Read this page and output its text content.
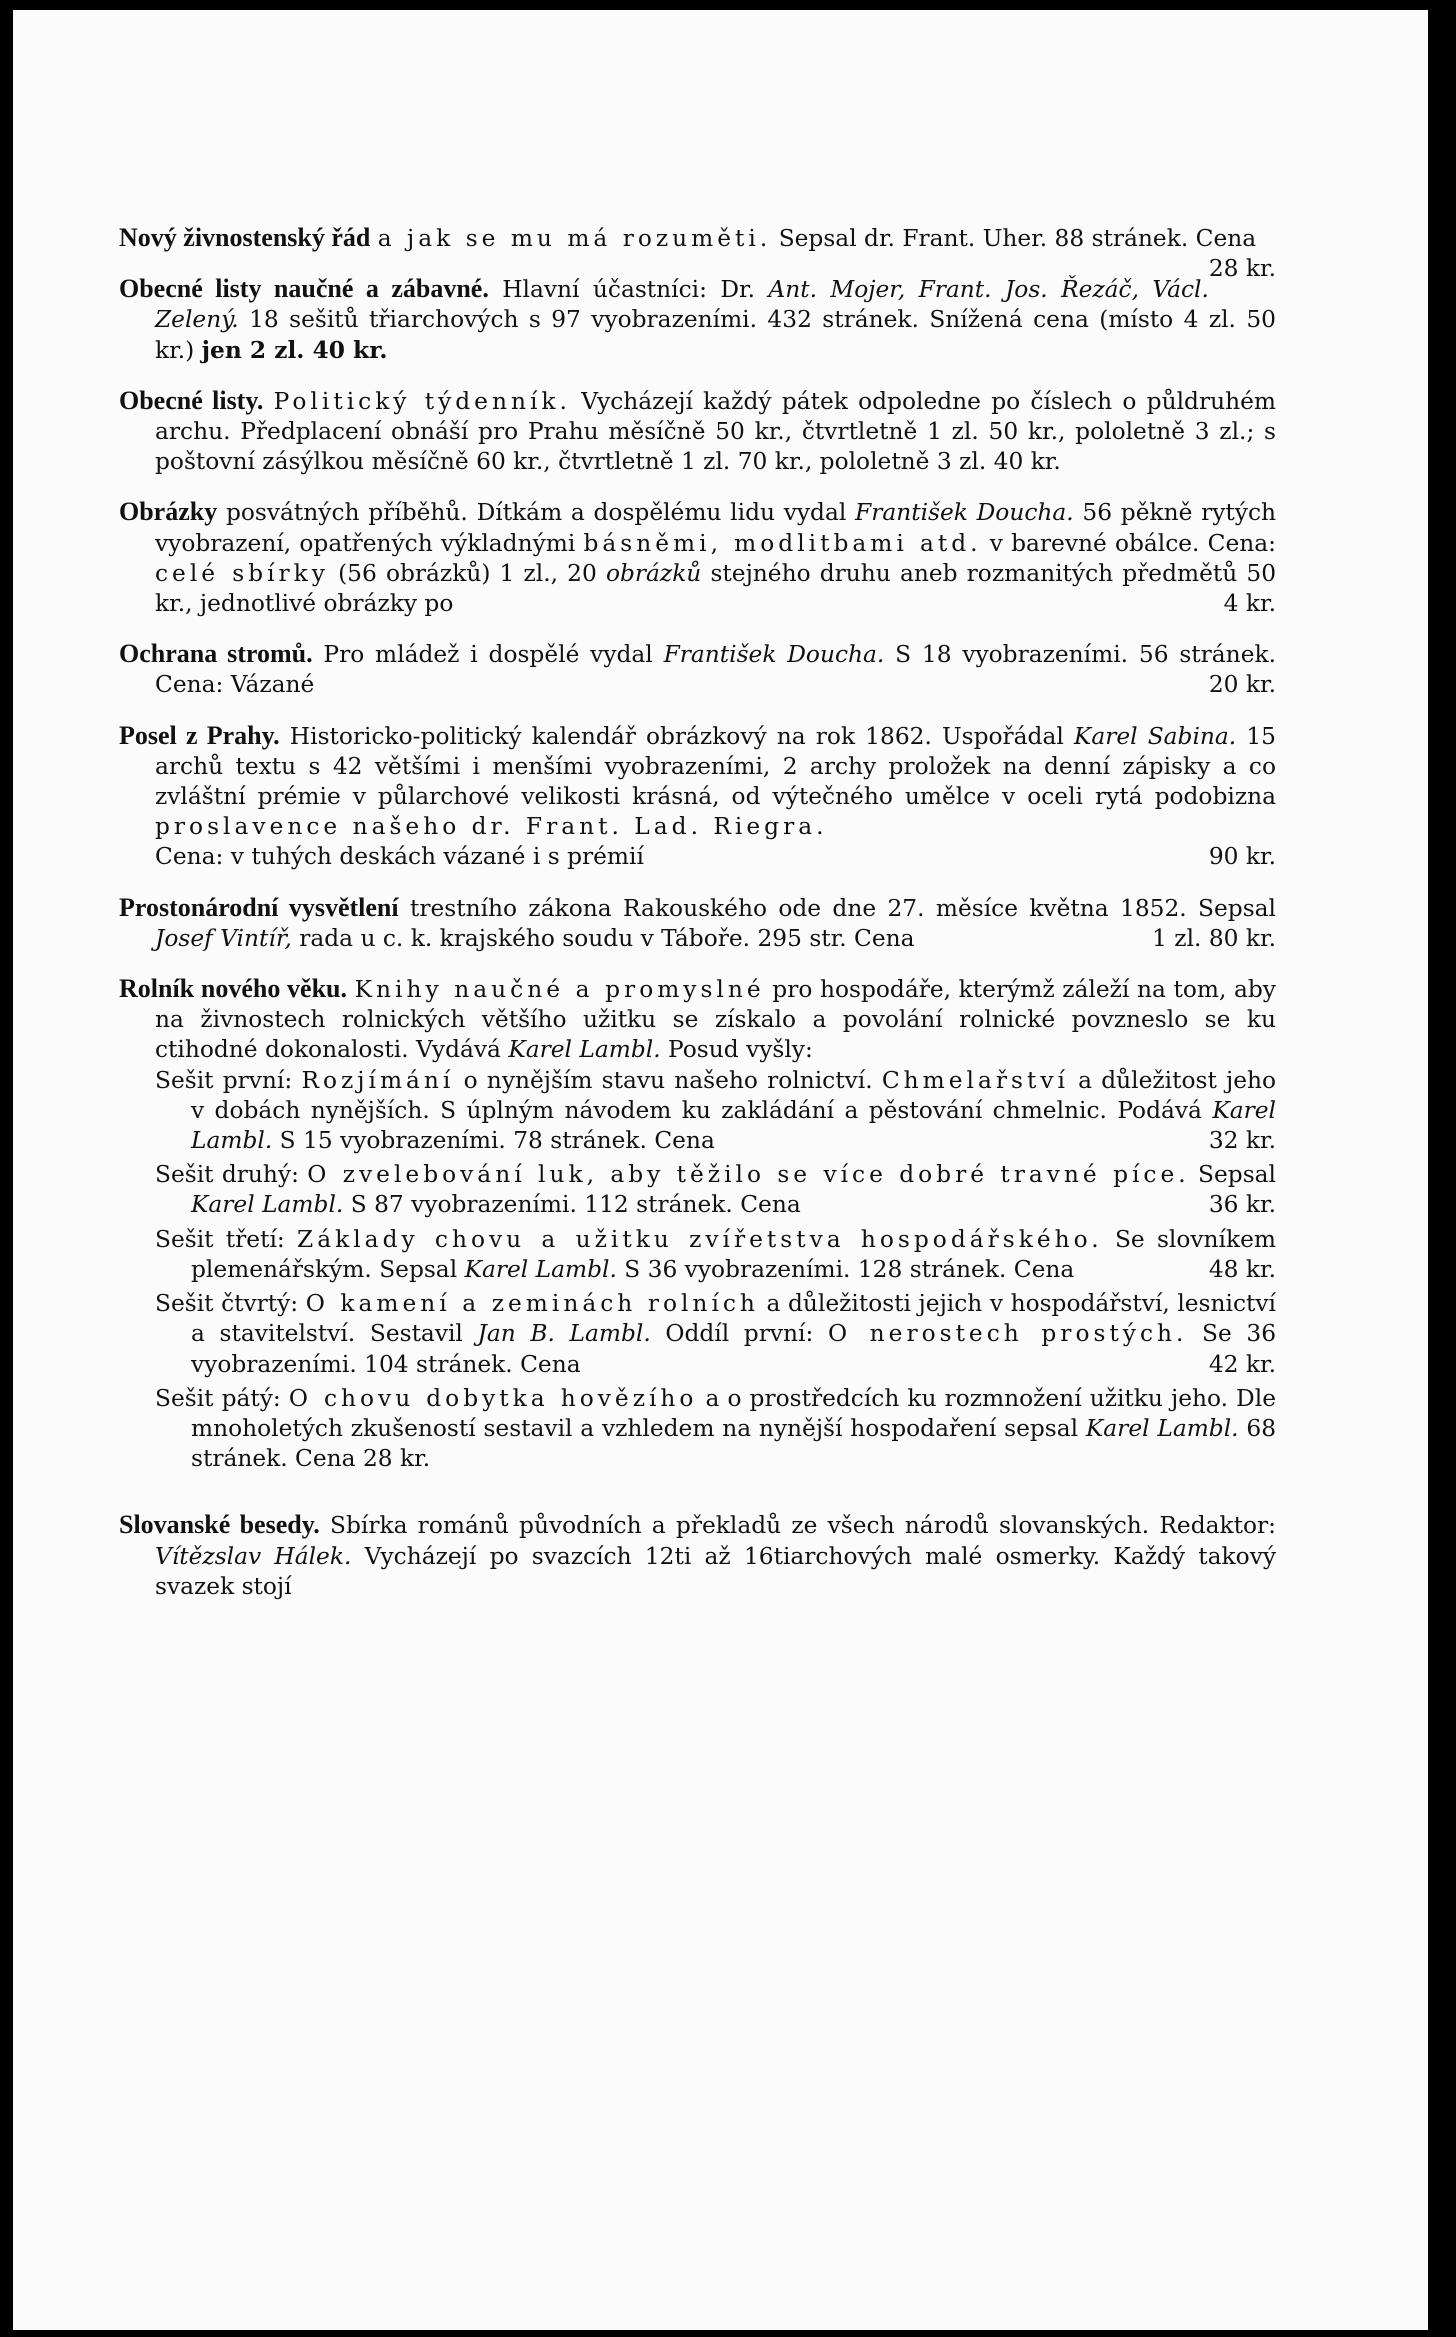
Nový živnostenský řád a jak se mu má rozuměti. Sepsal dr. Frant. Uher. 88 stránek. Cena
28 kr.

Obecné listy naučné a zábavné. Hlavní účastníci: Dr. Ant. Mojer, Frant. Jos. Řezáč, Václ. Zelený. 18 sešitů třiarchových s 97 vyobrazeními. 432 stránek. Snížená cena (místo 4 zl. 50 kr.) jen 2 zl. 40 kr.

Obecné listy. Politický týdenník. Vycházejí každý pátek odpoledne po číslech o půldruhém archu. Předplacení obnáší pro Prahu měsíčně 50 kr., čtvrtletně 1 zl. 50 kr., pololetně 3 zl.; s poštovní zásýlkou měsíčně 60 kr., čtvrtletně 1 zl. 70 kr., pololetně 3 zl. 40 kr.

Obrázky posvátných příběhů. Dítkám a dospělému lidu vydal František Doucha. 56 pěkně rytých vyobrazení, opatřených výkladnými básněmi, modlitbami atd. v barevné obálce. Cena: celé sbírky (56 obrázků) 1 zl., 20 obrázků stejného druhu aneb rozmanitých předmětů 50 kr., jednotlivé obrázky po	4 kr.

Ochrana stromů. Pro mládež i dospělé vydal František Doucha. S 18 vyobrazeními. 56 stránek. Cena: Vázané	20 kr.

Posel z Prahy. Historicko-politický kalendář obrázkový na rok 1862. Uspořádal Karel Sabina. 15 archů textu s 42 většími i menšími vyobrazeními, 2 archy proložek na denní zápisky a co zvláštní prémie v půlarchové velikosti krásná, od výtečného umělce v oceli rytá podobizna proslavence našeho dr. Frant. Lad. Riegra.
Cena: v tuhých deskách vázané i s prémií	90 kr.

Prostonárodní vysvětlení trestního zákona Rakouského ode dne 27. měsíce května 1852. Sepsal Josef Vintíř, rada u c. k. krajského soudu v Táboře. 295 str. Cena	1 zl. 80 kr.

Rolník nového věku. Knihy naučné a promyslné pro hospodáře, kterýmž záleží na tom, aby na živnostech rolnických většího užitku se získalo a povolání rolnické povzneslo se ku ctihodné dokonalosti. Vydává Karel Lambl. Posud vyšly:

Sešit první: Rozjímání o nynějším stavu našeho rolnictví. Chmelařství a důležitost jeho v dobách nynějších. S úplným návodem ku zakládání a pěstování chmelnic. Podává Karel Lambl. S 15 vyobrazeními. 78 stránek. Cena	32 kr.

Sešit druhý: O zvelebování luk, aby těžilo se více dobré travné píce. Sepsal Karel Lambl. S 87 vyobrazeními. 112 stránek. Cena	36 kr.

Sešit třetí: Základy chovu a užitku zvířetstva hospodářského. Se slovníkem plemenářským. Sepsal Karel Lambl. S 36 vyobrazeními. 128 stránek. Cena	48 kr.

Sešit čtvrtý: O kamení a zeminách rolních a důležitosti jejich v hospodářství, lesnictví a stavitelství. Sestavil Jan B. Lambl. Oddíl první: O nerostech prostých. Se 36 vyobrazeními. 104 stránek. Cena	42 kr.

Sešit pátý: O chovu dobytka hovězího a o prostředcích ku rozmnožení užitku jeho. Dle mnoholetých zkušeností sestavil a vzhledem na nynější hospodaření sepsal Karel Lambl. 68 stránek. Cena 28 kr.

Slovanské besedy. Sbírka románů původních a překladů ze všech národů slovanských. Redaktor: Vítězslav Hálek. Vycházejí po svazcích 12ti až 16tiarchových malé osmerky. Každý takový svazek stojí
